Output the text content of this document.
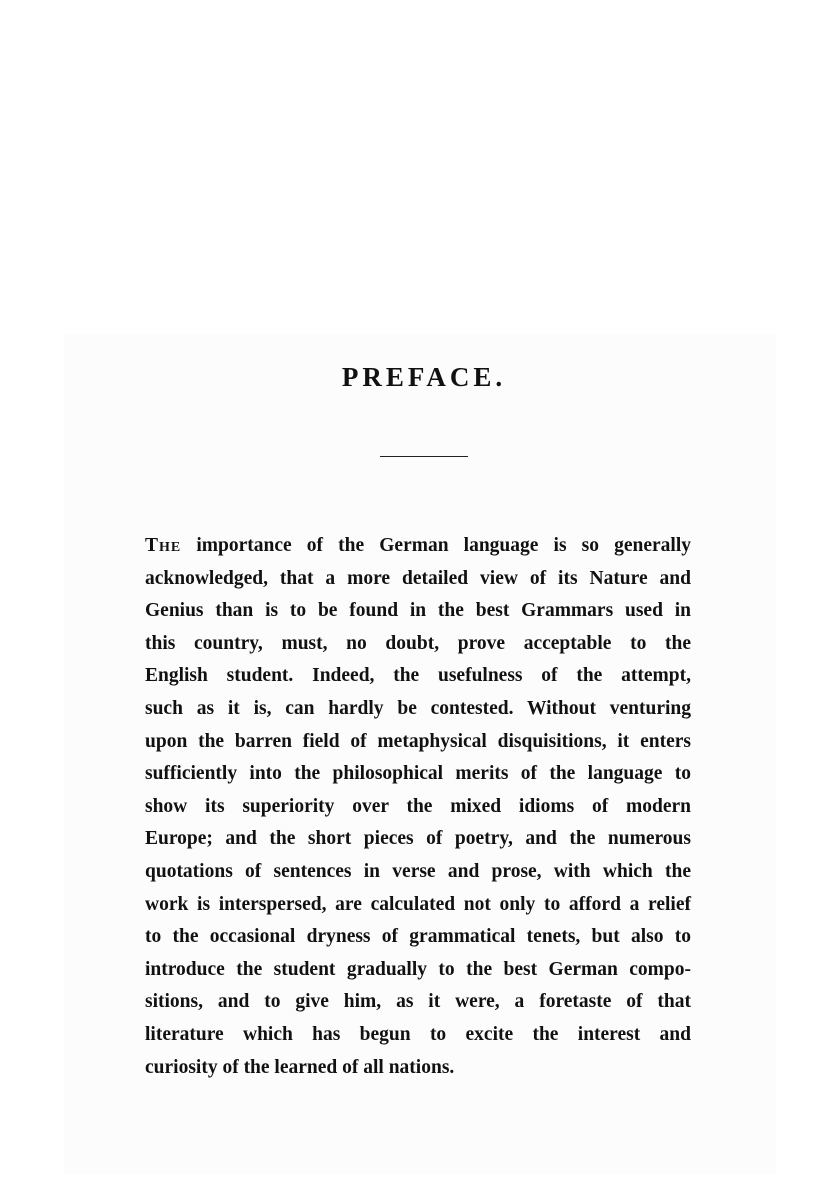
PREFACE.
The importance of the German language is so generally
acknowledged, that a more detailed view of its Nature and
Genius than is to be found in the best Grammars used in
this country, must, no doubt, prove acceptable to the
English student. Indeed, the usefulness of the attempt,
such as it is, can hardly be contested. Without venturing
upon the barren field of metaphysical disquisitions, it enters
sufficiently into the philosophical merits of the language to
show its superiority over the mixed idioms of modern
Europe; and the short pieces of poetry, and the numerous
quotations of sentences in verse and prose, with which the
work is interspersed, are calculated not only to afford a relief
to the occasional dryness of grammatical tenets, but also to
introduce the student gradually to the best German compo-
sitions, and to give him, as it were, a foretaste of that
literature which has begun to excite the interest and
curiosity of the learned of all nations.
